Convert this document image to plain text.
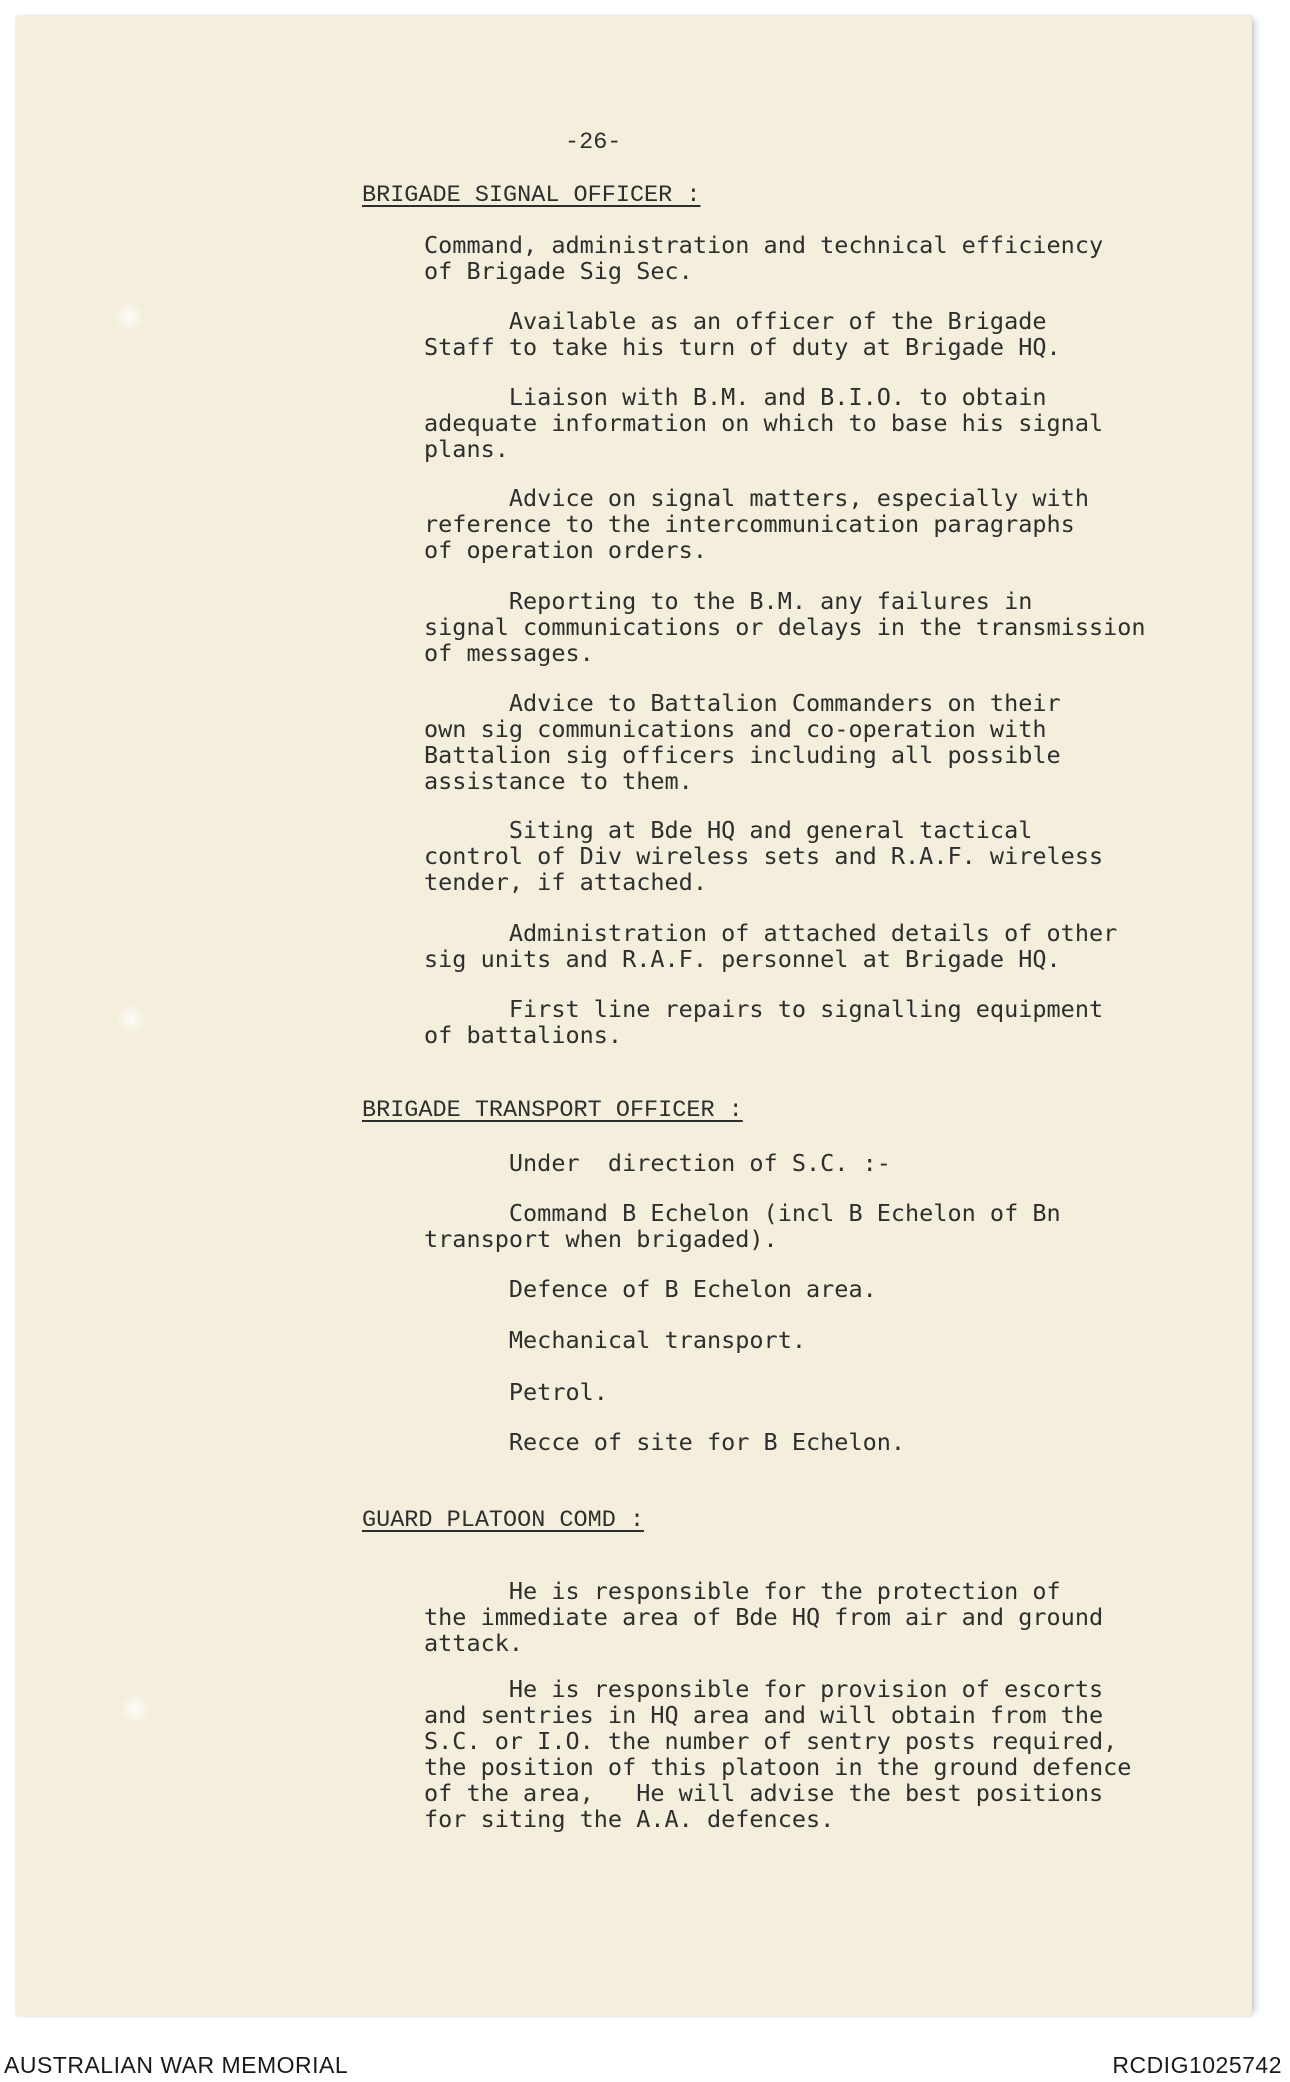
-26-
BRIGADE SIGNAL OFFICER :
Command, administration and technical efficiency
of Brigade Sig Sec.
Available as an officer of the Brigade
Staff to take his turn of duty at Brigade HQ.
Liaison with B.M. and B.I.O. to obtain
adequate information on which to base his signal
plans.
Advice on signal matters, especially with
reference to the intercommunication paragraphs
of operation orders.
Reporting to the B.M. any failures in
signal communications or delays in the transmission
of messages.
Advice to Battalion Commanders on their
own sig communications and co-operation with
Battalion sig officers including all possible
assistance to them.
Siting at Bde HQ and general tactical
control of Div wireless sets and R.A.F. wireless
tender, if attached.
Administration of attached details of other
sig units and R.A.F. personnel at Brigade HQ.
First line repairs to signalling equipment
of battalions.
BRIGADE TRANSPORT OFFICER :
Under  direction of S.C. :-
Command B Echelon (incl B Echelon of Bn
transport when brigaded).
Defence of B Echelon area.
Mechanical transport.
Petrol.
Recce of site for B Echelon.
GUARD PLATOON COMD :
He is responsible for the protection of
the immediate area of Bde HQ from air and ground
attack.
He is responsible for provision of escorts
and sentries in HQ area and will obtain from the
S.C. or I.O. the number of sentry posts required,
the position of this platoon in the ground defence
of the area,   He will advise the best positions
for siting the A.A. defences.
AUSTRALIAN WAR MEMORIAL	RCDIG1025742
